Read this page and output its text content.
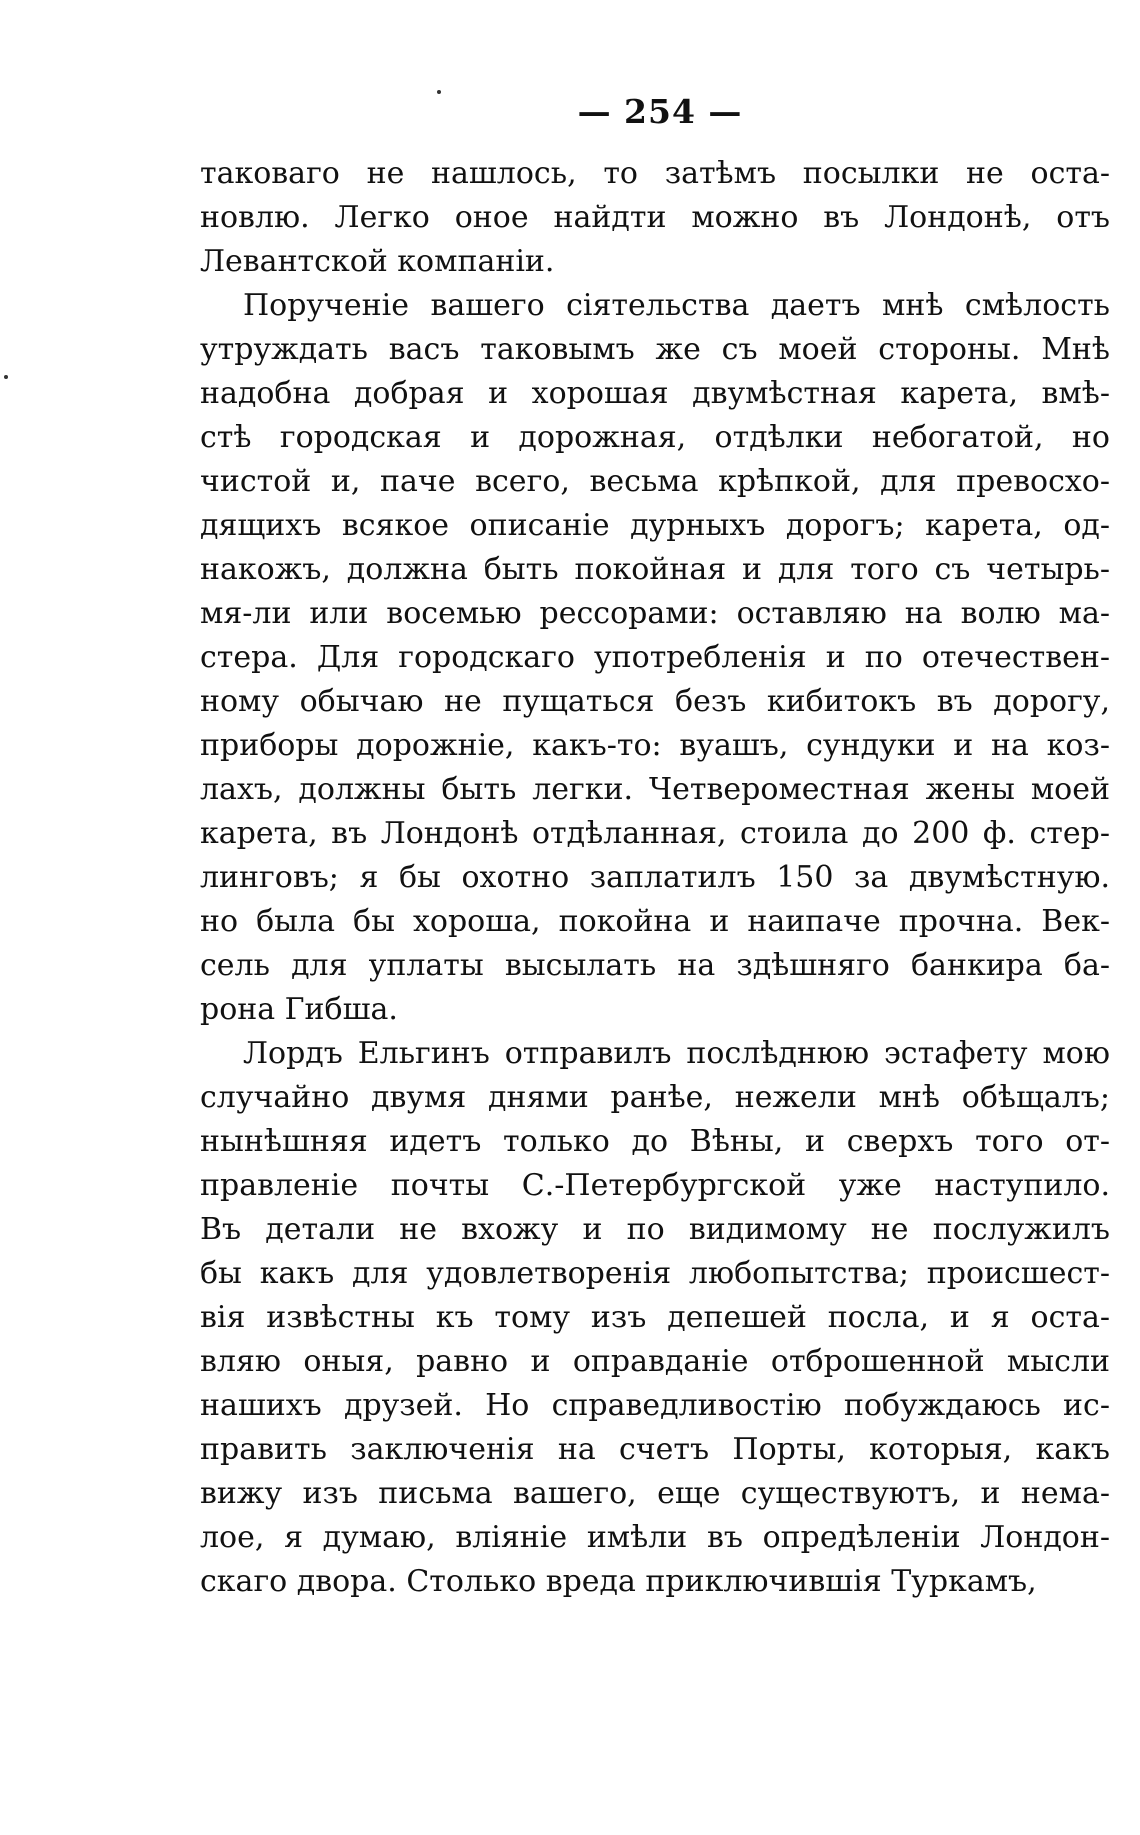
— 254 —
таковаго не нашлось, то затѣмъ посылки не оста-
новлю. Легко оное найдти можно въ Лондонѣ, отъ
Левантской компаніи.
Порученіе вашего сіятельства даетъ мнѣ смѣлость
утруждать васъ таковымъ же съ моей стороны. Мнѣ
надобна добрая и хорошая двумѣстная карета, вмѣ-
стѣ городская и дорожная, отдѣлки небогатой, но
чистой и, паче всего, весьма крѣпкой, для превосхо-
дящихъ всякое описаніе дурныхъ дорогъ; карета, од-
накожъ, должна быть покойная и для того съ четырь-
мя-ли или восемью рессорами: оставляю на волю ма-
стера. Для городскаго употребленія и по отечествен-
ному обычаю не пущаться безъ кибитокъ въ дорогу,
приборы дорожніе, какъ-то: вуашъ, сундуки и на коз-
лахъ, должны быть легки. Четвероместная жены моей
карета, въ Лондонѣ отдѣланная, стоила до 200 ф. стер-
линговъ; я бы охотно заплатилъ 150 за двумѣстную.
но была бы хороша, покойна и наипаче прочна. Век-
сель для уплаты высылать на здѣшняго банкира ба-
рона Гибша.
Лордъ Ельгинъ отправилъ послѣднюю эстафету мою
случайно двумя днями ранѣе, нежели мнѣ обѣщалъ;
нынѣшняя идетъ только до Вѣны, и сверхъ того от-
правленіе почты С.-Петербургской уже наступило.
Въ детали не вхожу и по видимому не послужилъ
бы какъ для удовлетворенія любопытства; происшест-
вія извѣстны къ тому изъ депешей посла, и я оста-
вляю оныя, равно и оправданіе отброшенной мысли
нашихъ друзей. Но справедливостію побуждаюсь ис-
править заключенія на счетъ Порты, которыя, какъ
вижу изъ письма вашего, еще существуютъ, и нема-
лое, я думаю, вліяніе имѣли въ опредѣленіи Лондон-
скаго двора. Столько вреда приключившія Туркамъ,
